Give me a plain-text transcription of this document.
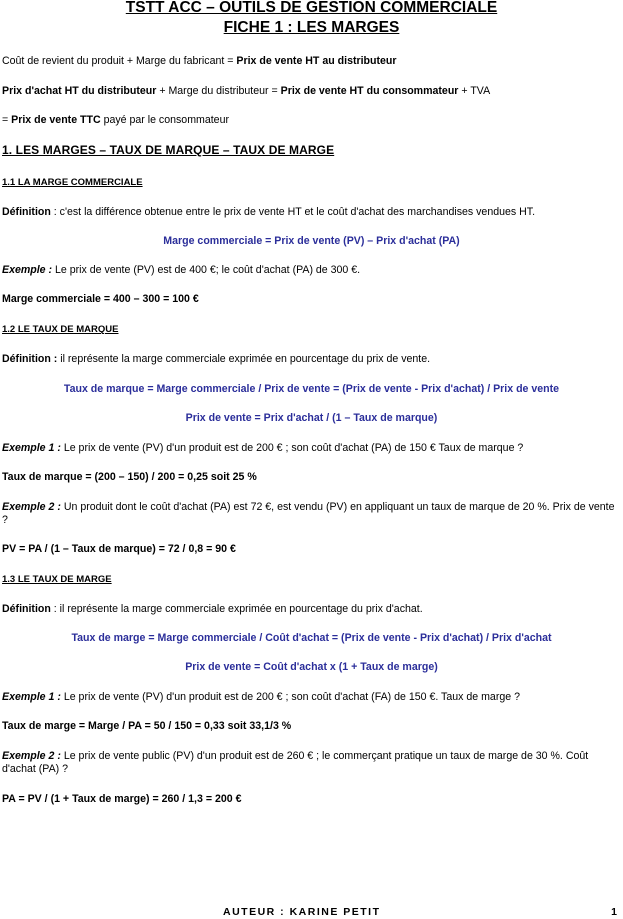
TSTT ACC – OUTILS DE GESTION COMMERCIALE
FICHE 1 : LES MARGES
Coût de revient du produit + Marge du fabricant = Prix de vente HT au distributeur
Prix d'achat HT du distributeur + Marge du distributeur = Prix de vente HT du consommateur + TVA
= Prix de vente TTC payé par le consommateur
1. LES MARGES – TAUX DE MARQUE – TAUX DE MARGE
1.1 LA MARGE COMMERCIALE
Définition : c'est la différence obtenue entre le prix de vente HT et le coût d'achat des marchandises vendues HT.
Marge commerciale = Prix de vente (PV) – Prix d'achat (PA)
Exemple : Le prix de vente (PV) est de 400 €; le coût d'achat (PA) de 300 €.
Marge commerciale = 400 – 300 = 100 €
1.2 LE TAUX DE MARQUE
Définition : il représente la marge commerciale exprimée en pourcentage du prix de vente.
Taux de marque = Marge commerciale / Prix de vente = (Prix de vente - Prix d'achat) / Prix de vente
Prix de vente = Prix d'achat / (1 – Taux de marque)
Exemple 1 : Le prix de vente (PV) d'un produit est de 200 € ; son coût d'achat (PA) de 150 € Taux de marque ?
Taux de marque = (200 – 150) / 200 = 0,25 soit 25 %
Exemple 2 : Un produit dont le coût d'achat (PA) est 72 €, est vendu (PV) en appliquant un taux de marque de 20 %. Prix de vente ?
PV = PA / (1 – Taux de marque) = 72 / 0,8 = 90 €
1.3 LE TAUX DE MARGE
Définition : il représente la marge commerciale exprimée en pourcentage du prix d'achat.
Taux de marge = Marge commerciale / Coût d'achat = (Prix de vente - Prix d'achat) / Prix d'achat
Prix de vente = Coût d'achat x (1 + Taux de marge)
Exemple 1 : Le prix de vente (PV) d'un produit est de 200 € ; son coût d'achat (FA) de 150 €. Taux de marge ?
Taux de marge = Marge / PA = 50 / 150 = 0,33 soit 33,1/3 %
Exemple 2 : Le prix de vente public (PV) d'un produit est de 260 € ; le commerçant pratique un taux de marge de 30 %. Coût d'achat (PA) ?
PA = PV / (1 + Taux de marge) = 260 / 1,3 = 200 €
AUTEUR : KARINE PETIT	1
